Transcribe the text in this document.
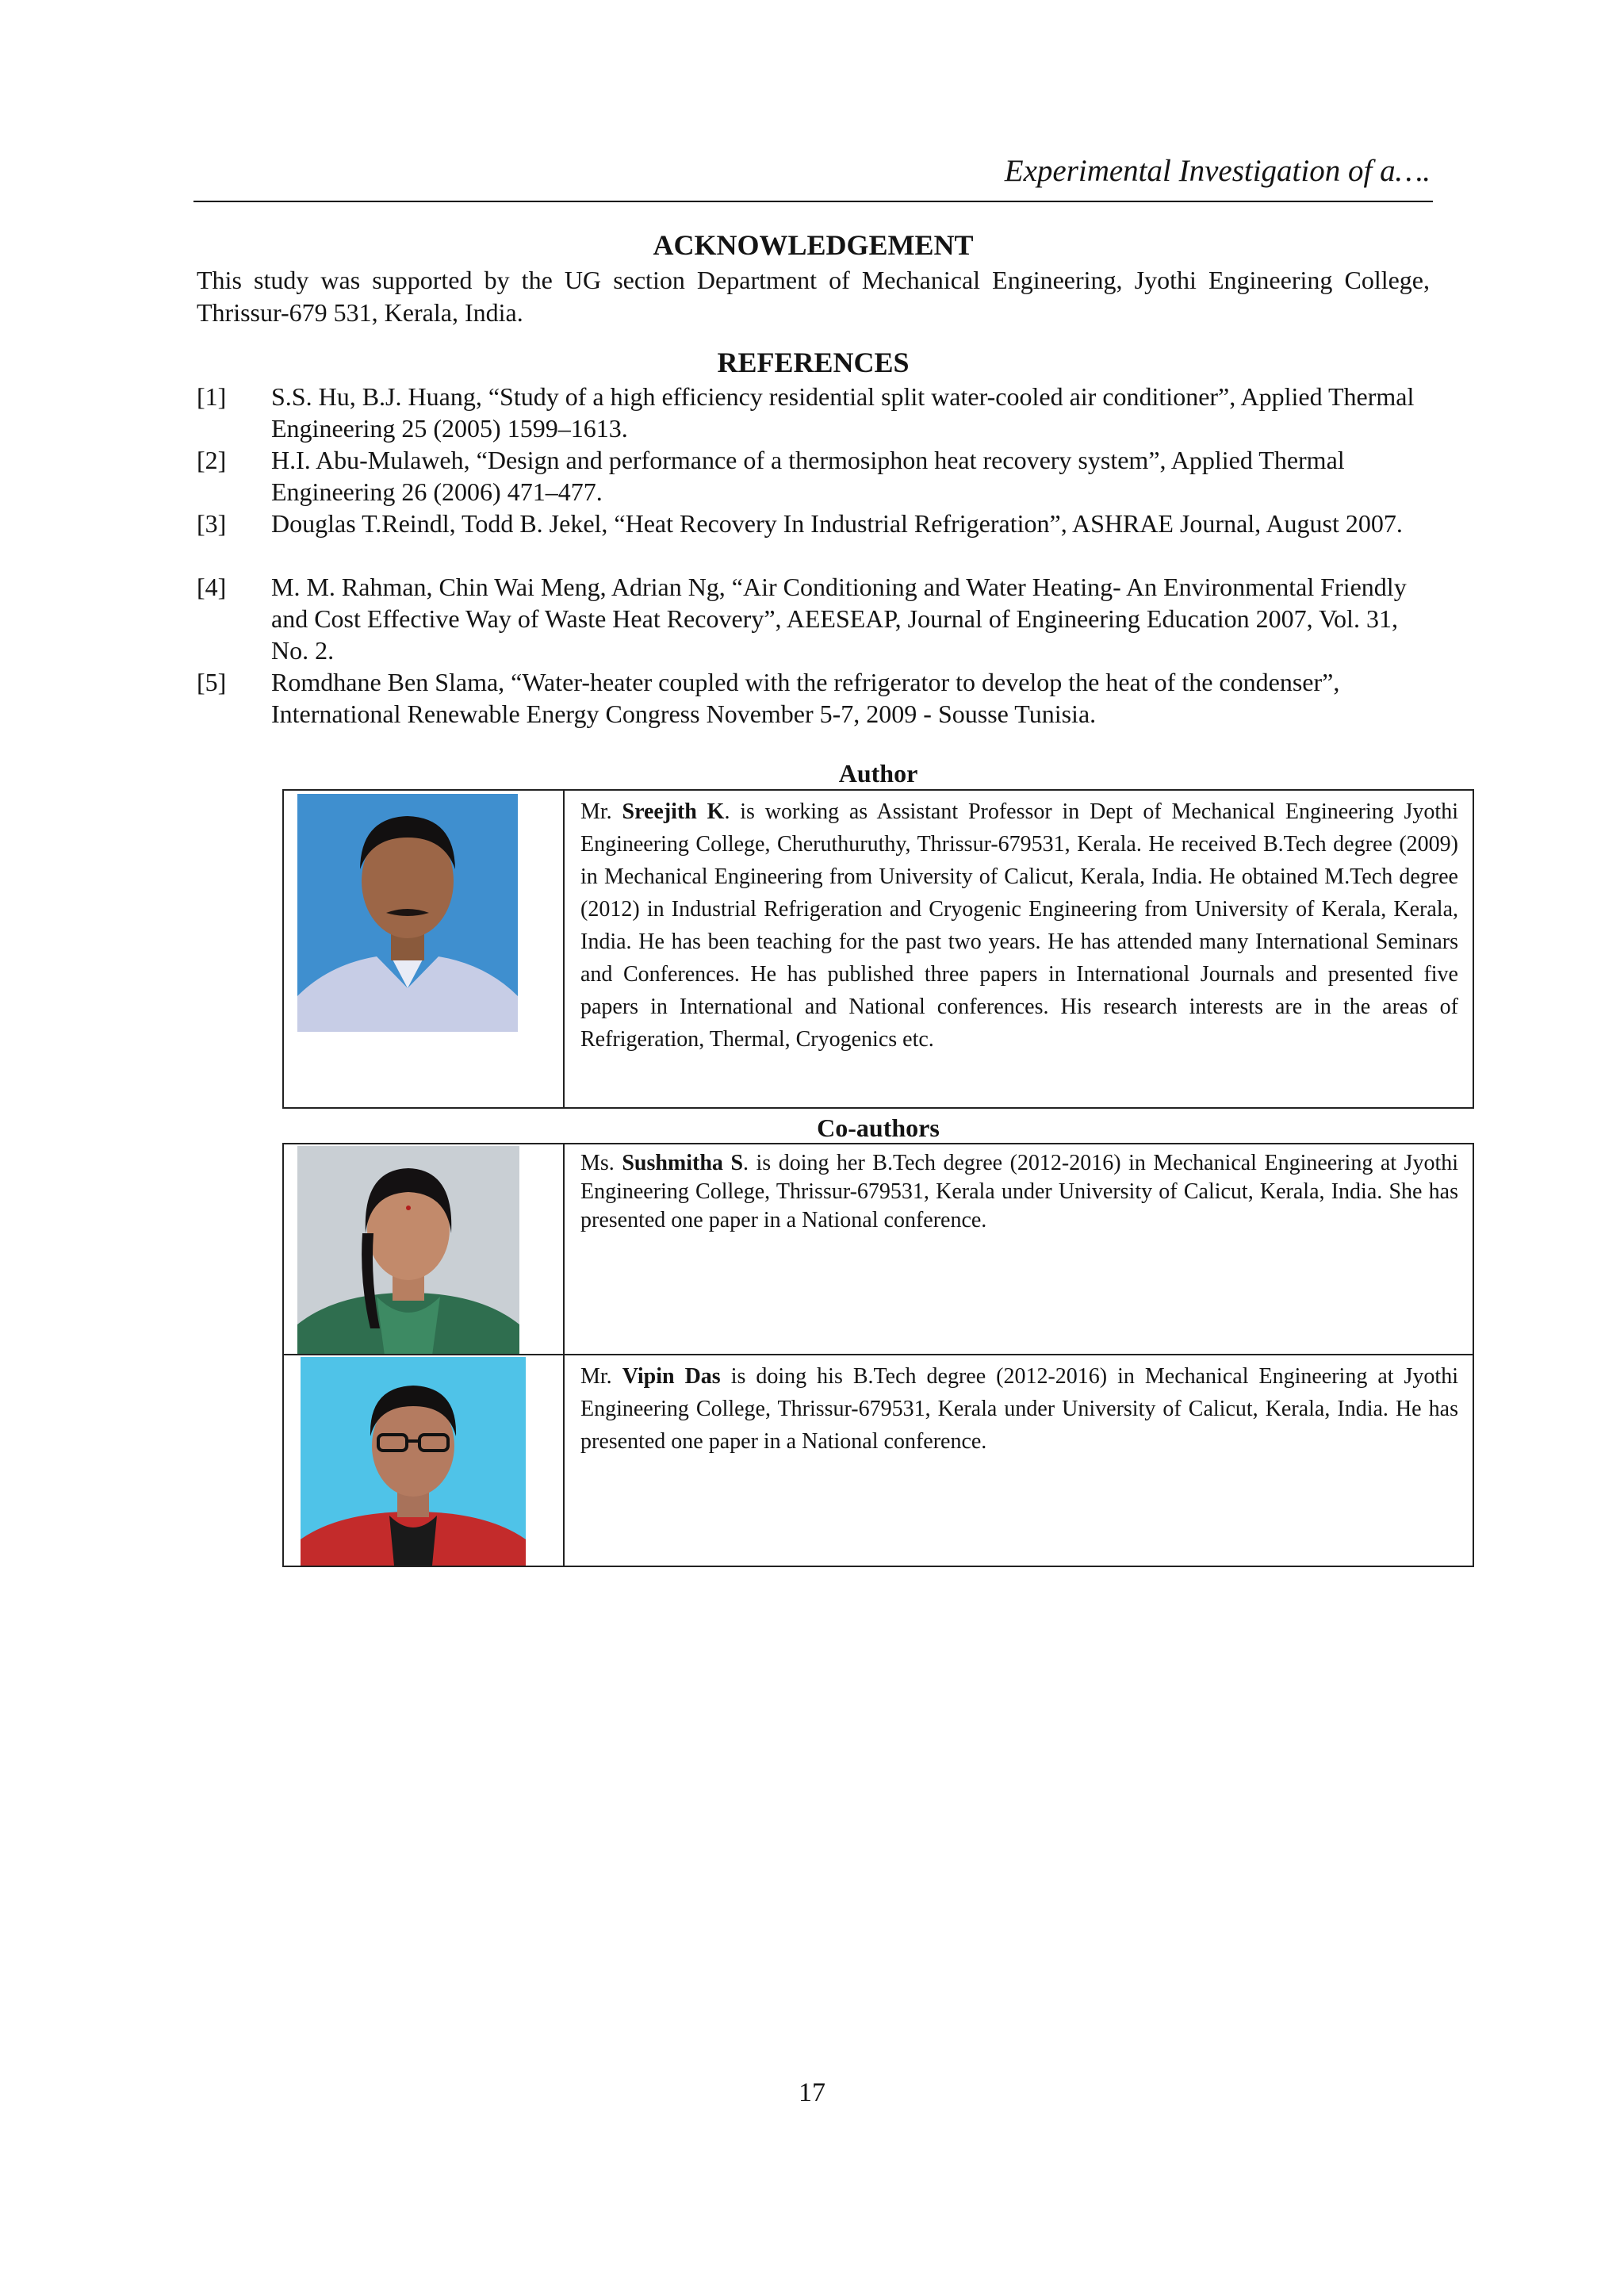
Experimental Investigation of a….
ACKNOWLEDGEMENT
This study was supported by the UG section Department of Mechanical Engineering, Jyothi Engineering College, Thrissur-679 531, Kerala, India.
REFERENCES
[1] S.S. Hu, B.J. Huang, “Study of a high efficiency residential split water-cooled air conditioner”, Applied Thermal Engineering 25 (2005) 1599–1613.
[2] H.I. Abu-Mulaweh, “Design and performance of a thermosiphon heat recovery system”, Applied Thermal Engineering 26 (2006) 471–477.
[3] Douglas T.Reindl, Todd B. Jekel, “Heat Recovery In Industrial Refrigeration”, ASHRAE Journal, August 2007.
[4] M. M. Rahman, Chin Wai Meng, Adrian Ng, “Air Conditioning and Water Heating- An Environmental Friendly and Cost Effective Way of Waste Heat Recovery”, AEESEAP, Journal of Engineering Education 2007, Vol. 31, No. 2.
[5] Romdhane Ben Slama, “Water-heater coupled with the refrigerator to develop the heat of the condenser”, International Renewable Energy Congress November 5-7, 2009 - Sousse Tunisia.
Author
Mr. Sreejith K. is working as Assistant Professor in Dept of Mechanical Engineering Jyothi Engineering College, Cheruthuruthy, Thrissur-679531, Kerala. He received B.Tech degree (2009) in Mechanical Engineering from University of Calicut, Kerala, India. He obtained M.Tech degree (2012) in Industrial Refrigeration and Cryogenic Engineering from University of Kerala, Kerala, India. He has been teaching for the past two years. He has attended many International Seminars and Conferences. He has published three papers in International Journals and presented five papers in International and National conferences. His research interests are in the areas of Refrigeration, Thermal, Cryogenics etc.
Co-authors
Ms. Sushmitha S. is doing her B.Tech degree (2012-2016) in Mechanical Engineering at Jyothi Engineering College, Thrissur-679531, Kerala under University of Calicut, Kerala, India. She has presented one paper in a National conference.
Mr. Vipin Das is doing his B.Tech degree (2012-2016) in Mechanical Engineering at Jyothi Engineering College, Thrissur-679531, Kerala under University of Calicut, Kerala, India. He has presented one paper in a National conference.
17
